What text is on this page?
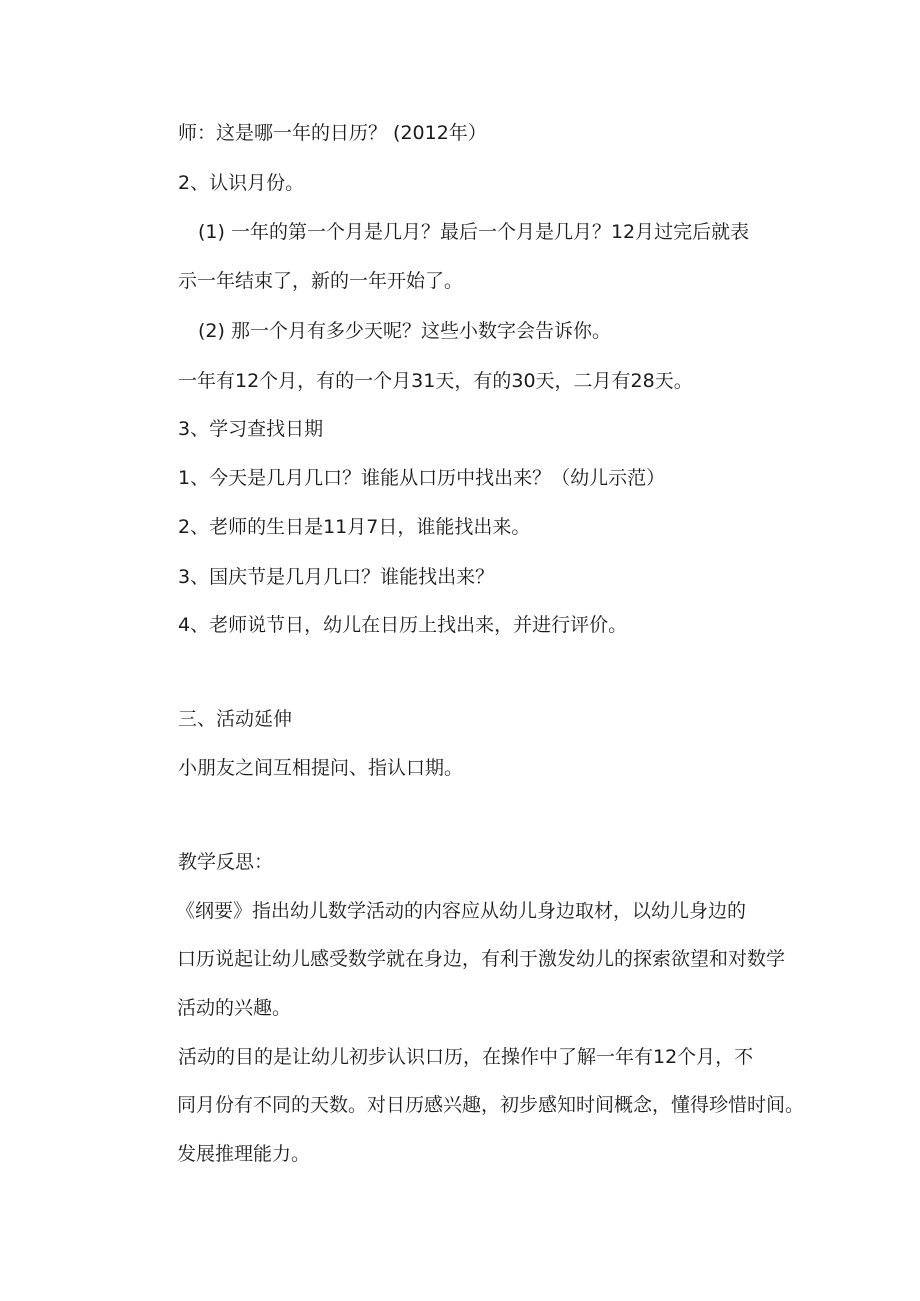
师：这是哪一年的日历？ (2012年）

2、认识月份。

(1) 一年的第一个月是几月？最后一个月是几月？12月过完后就表

示一年结束了，新的一年开始了。

(2) 那一个月有多少天呢？这些小数字会告诉你。

一年有12个月，有的一个月31天，有的30天，二月有28天。

3、学习查找日期

1、今天是几月几口？谁能从口历中找出来？（幼儿示范）

2、老师的生日是11月7日，谁能找出来。

3、国庆节是几月几口？谁能找出来？

4、老师说节日，幼儿在日历上找出来，并进行评价。

三、活动延伸

小朋友之间互相提问、指认口期。

教学反思：

《纲要》指出幼儿数学活动的内容应从幼儿身边取材，以幼儿身边的

口历说起让幼儿感受数学就在身边，有利于激发幼儿的探索欲望和对数学

活动的兴趣。

活动的目的是让幼儿初步认识口历，在操作中了解一年有12个月，不

同月份有不同的天数。对日历感兴趣，初步感知时间概念，懂得珍惜时间。

发展推理能力。
